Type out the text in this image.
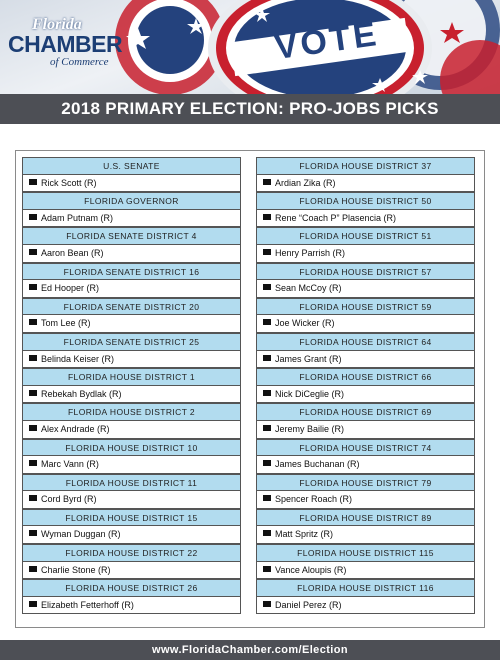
Florida
CHAMBER
of Commerce	VOTE
2018 PRIMARY ELECTION: PRO-JOBS PICKS
U.S. SENATE
Rick Scott (R)
FLORIDA GOVERNOR
Adam Putnam (R)
FLORIDA SENATE DISTRICT 4
Aaron Bean (R)
FLORIDA SENATE DISTRICT 16
Ed Hooper (R)
FLORIDA SENATE DISTRICT 20
Tom Lee (R)
FLORIDA SENATE DISTRICT 25
Belinda Keiser (R)
FLORIDA HOUSE DISTRICT 1
Rebekah Bydlak (R)
FLORIDA HOUSE DISTRICT 2
Alex Andrade (R)
FLORIDA HOUSE DISTRICT 10
Marc Vann (R)
FLORIDA HOUSE DISTRICT 11
Cord Byrd (R)
FLORIDA HOUSE DISTRICT 15
Wyman Duggan (R)
FLORIDA HOUSE DISTRICT 22
Charlie Stone (R)
FLORIDA HOUSE DISTRICT 26
Elizabeth Fetterhoff (R)
FLORIDA HOUSE DISTRICT 37
Ardian Zika (R)
FLORIDA HOUSE DISTRICT 50
Rene “Coach P” Plasencia (R)
FLORIDA HOUSE DISTRICT 51
Henry Parrish (R)
FLORIDA HOUSE DISTRICT 57
Sean McCoy (R)
FLORIDA HOUSE DISTRICT 59
Joe Wicker (R)
FLORIDA HOUSE DISTRICT 64
James Grant (R)
FLORIDA HOUSE DISTRICT 66
Nick DiCeglie (R)
FLORIDA HOUSE DISTRICT 69
Jeremy Bailie (R)
FLORIDA HOUSE DISTRICT 74
James Buchanan (R)
FLORIDA HOUSE DISTRICT 79
Spencer Roach (R)
FLORIDA HOUSE DISTRICT 89
Matt Spritz (R)
FLORIDA HOUSE DISTRICT 115
Vance Aloupis (R)
FLORIDA HOUSE DISTRICT 116
Daniel Perez (R)
www.FloridaChamber.com/Election
